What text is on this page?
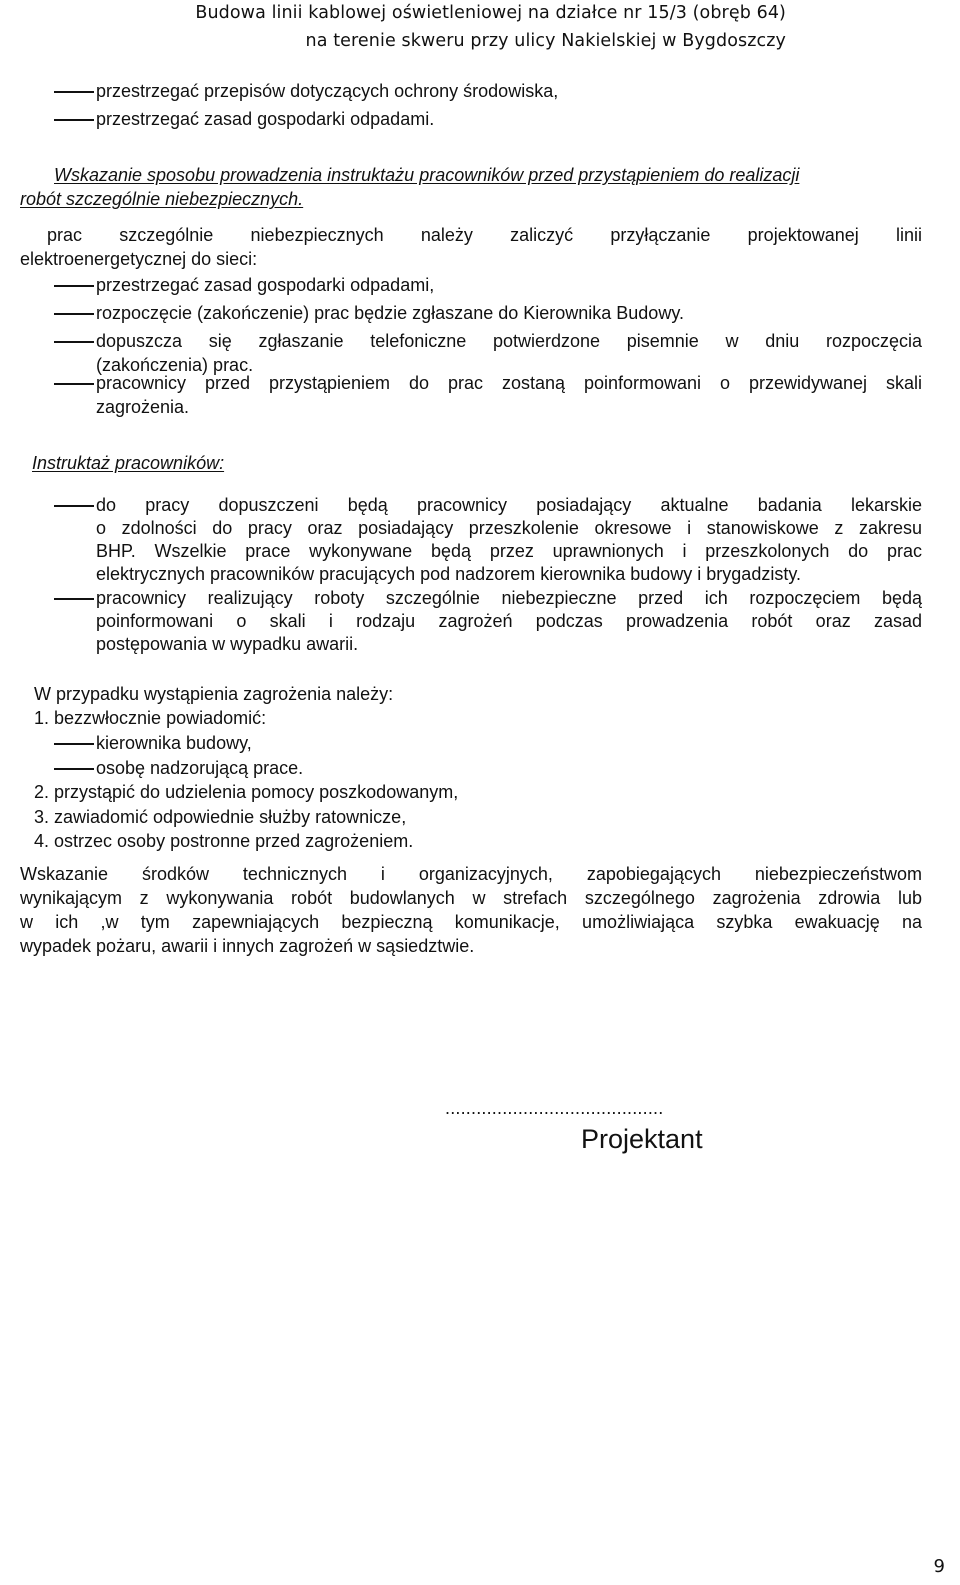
Budowa linii kablowej oświetleniowej na działce nr 15/3 (obręb 64)
na terenie skweru przy ulicy Nakielskiej w Bygdoszczy
przestrzegać przepisów dotyczących ochrony środowiska,
przestrzegać zasad gospodarki odpadami.
Wskazanie sposobu prowadzenia instruktażu pracowników przed przystąpieniem do realizacji
robót szczególnie niebezpiecznych.
prac szczególnie niebezpiecznych należy zaliczyć przyłączanie projektowanej linii
elektroenergetycznej do sieci:
przestrzegać zasad gospodarki odpadami,
rozpoczęcie (zakończenie) prac będzie zgłaszane do Kierownika Budowy.
dopuszcza się zgłaszanie telefoniczne potwierdzone pisemnie w dniu rozpoczęcia
(zakończenia) prac.
pracownicy przed przystąpieniem do prac zostaną poinformowani o przewidywanej skali
zagrożenia.
Instruktaż pracowników:
do pracy dopuszczeni będą pracownicy posiadający aktualne badania lekarskie
o zdolności do pracy oraz posiadający przeszkolenie okresowe i stanowiskowe z zakresu
BHP. Wszelkie prace wykonywane będą przez uprawnionych i przeszkolonych do prac
elektrycznych pracowników pracujących pod nadzorem kierownika budowy i brygadzisty.
pracownicy realizujący roboty szczególnie niebezpieczne przed ich rozpoczęciem będą
poinformowani o skali i rodzaju zagrożeń podczas prowadzenia robót oraz zasad
postępowania w wypadku awarii.
W przypadku wystąpienia zagrożenia należy:
1. bezzwłocznie powiadomić:
kierownika budowy,
osobę nadzorującą prace.
2. przystąpić do udzielenia pomocy poszkodowanym,
3. zawiadomić odpowiednie służby ratownicze,
4. ostrzec osoby postronne przed zagrożeniem.
Wskazanie środków technicznych i organizacyjnych, zapobiegających niebezpieczeństwom
wynikającym z wykonywania robót budowlanych w strefach szczególnego zagrożenia zdrowia lub
w ich ,w tym zapewniających bezpieczną komunikacje, umożliwiająca szybka ewakuację na
wypadek pożaru, awarii i innych zagrożeń w sąsiedztwie.
..........................................
Projektant
9
